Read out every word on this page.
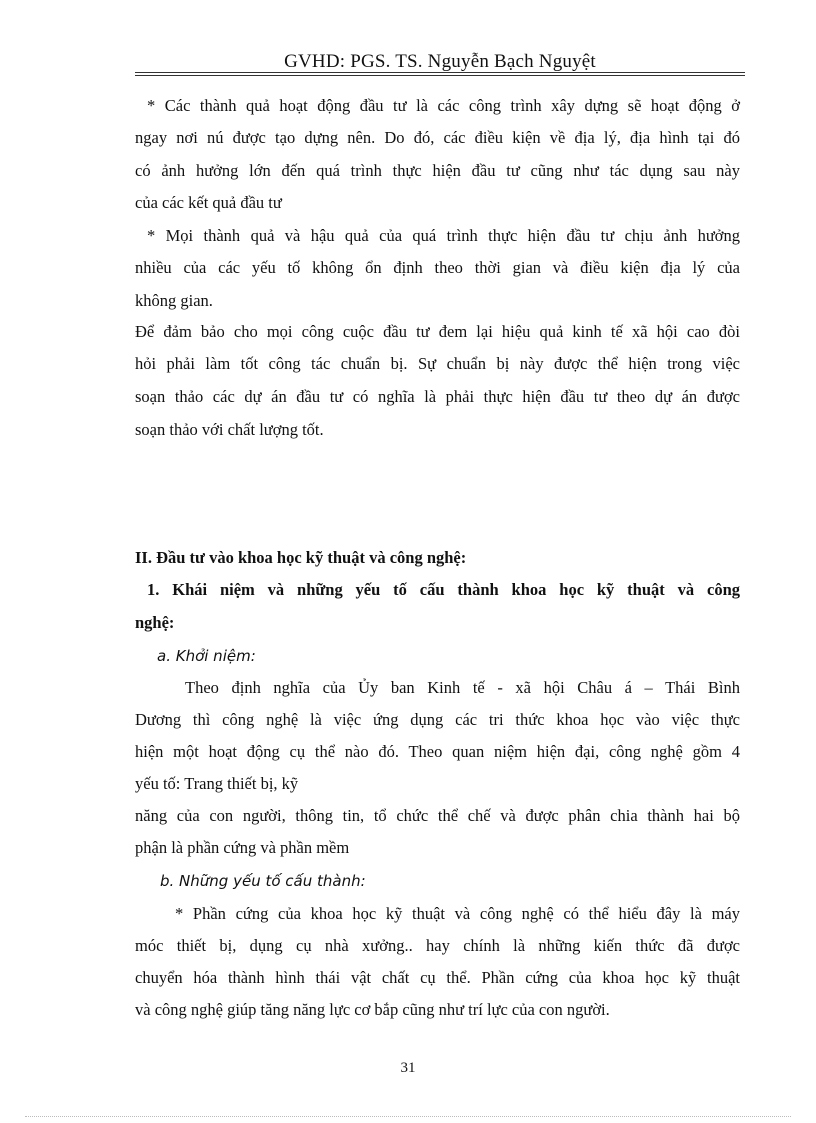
GVHD: PGS. TS. Nguyễn Bạch Nguyệt

* Các thành quả hoạt động đầu tư là các công trình xây dựng sẽ hoạt động ở

ngay nơi nú được tạo dựng nên. Do đó, các điều kiện về địa lý, địa hình tại đó

có ảnh hưởng lớn đến quá trình thực hiện đầu tư cũng như tác dụng sau này

của các kết quả đầu tư

* Mọi thành quả và hậu quả của quá trình thực hiện đầu tư chịu ảnh hưởng

nhiều của các yếu tố không ổn định theo thời gian và điều kiện địa lý của

không gian.

Để đảm bảo cho mọi công cuộc đầu tư đem lại hiệu quả kinh tế xã hội cao đòi

hỏi phải làm tốt công tác chuẩn bị. Sự chuẩn bị này được thể hiện trong việc

soạn thảo các dự án đầu tư có nghĩa là phải thực hiện đầu tư theo dự án được

soạn thảo với chất lượng tốt.

II. Đầu tư vào khoa học kỹ thuật và công nghệ:

1. Khái niệm và những yếu tố cấu thành khoa học kỹ thuật và công

nghệ:

a. Khởi niệm:

Theo định nghĩa của Ủy ban Kinh tế - xã hội Châu á – Thái Bình

Dương thì công nghệ là việc ứng dụng các tri thức khoa học vào việc thực

hiện một hoạt động cụ thể nào đó. Theo quan niệm hiện đại, công nghệ gồm 4

yếu tố: Trang thiết bị, kỹ

năng của con người, thông tin, tổ chức thể chế và được phân chia thành hai bộ

phận là phần cứng và phần mềm

b. Những yếu tố cấu thành:

* Phần cứng của khoa học kỹ thuật và công nghệ có thể hiểu đây là máy

móc thiết bị, dụng cụ nhà xưởng.. hay chính là những kiến thức đã được

chuyển hóa thành hình thái vật chất cụ thể. Phần cứng của khoa học kỹ thuật

và công nghệ giúp tăng năng lực cơ bắp cũng như trí lực của con người.

31
